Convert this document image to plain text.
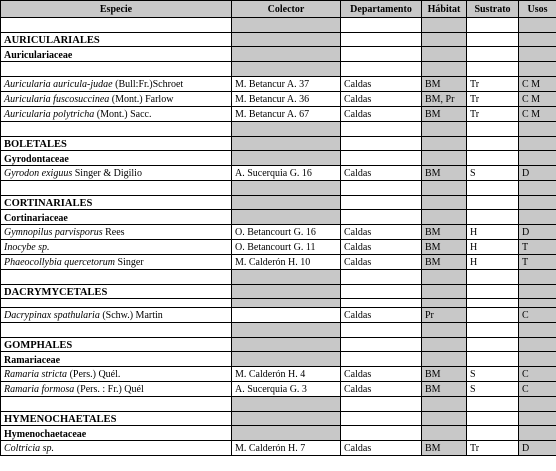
Especie	Colector	Departamento	Hábitat	Sustrato	Usos

AURICULARIALES					
Auriculariaceae					

Auricularia auricula-judae (Bull:Fr.)Schroet	M. Betancur A. 37	Caldas	BM	Tr	C M
Auricularia fuscosuccinea (Mont.) Farlow	M. Betancur A. 36	Caldas	BM, Pr	Tr	C M
Auricularia polytricha (Mont.) Sacc.	M. Betancur A. 67	Caldas	BM	Tr	C M

BOLETALES					
Gyrodontaceae					
Gyrodon exiguus Singer & Digilio	A. Sucerquia G. 16	Caldas	BM	S	D

CORTINARIALES					
Cortinariaceae					
Gymnopilus parvisporus Rees	O. Betancourt G. 16	Caldas	BM	H	D
Inocybe sp.	O. Betancourt G. 11	Caldas	BM	H	T
Phaeocollybia quercetorum Singer	M. Calderón H. 10	Caldas	BM	H	T

DACRYMYCETALES					

Dacrypinax spathularia (Schw.) Martin		Caldas	Pr		C

GOMPHALES					
Ramariaceae					
Ramaria stricta (Pers.) Quél.	M. Calderón H. 4	Caldas	BM	S	C
Ramaria formosa (Pers. : Fr.) Quél	A. Sucerquia G. 3	Caldas	BM	S	C

HYMENOCHAETALES					
Hymenochaetaceae					
Coltricia sp.	M. Calderón H. 7	Caldas	BM	Tr	D
